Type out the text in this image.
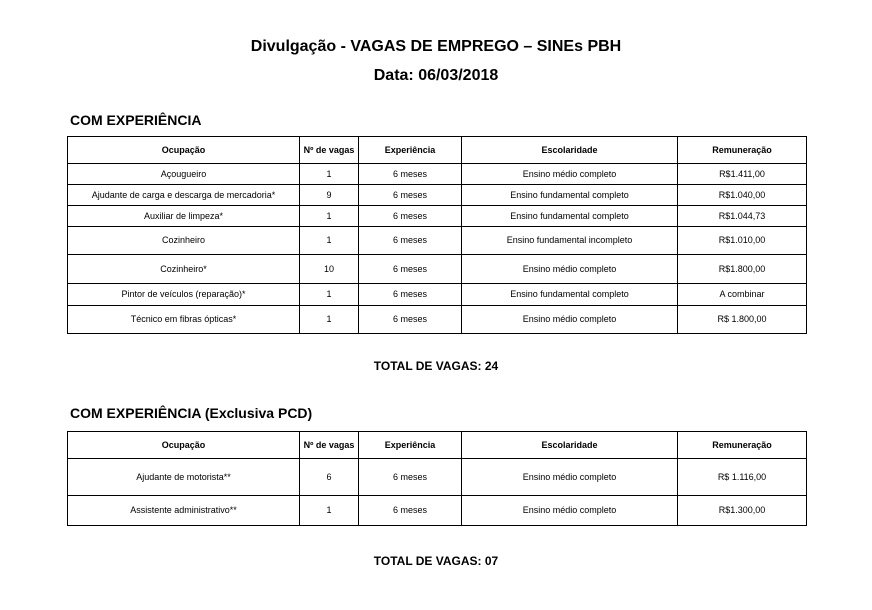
Divulgação - VAGAS DE EMPREGO – SINEs PBH
Data: 06/03/2018
COM EXPERIÊNCIA
Ocupação	Nº de vagas	Experiência	Escolaridade	Remuneração
Açougueiro	1	6 meses	Ensino médio completo	R$1.411,00
Ajudante de carga e descarga de mercadoria*	9	6 meses	Ensino fundamental completo	R$1.040,00
Auxiliar de limpeza*	1	6 meses	Ensino fundamental completo	R$1.044,73
Cozinheiro	1	6 meses	Ensino fundamental incompleto	R$1.010,00
Cozinheiro*	10	6 meses	Ensino médio completo	R$1.800,00
Pintor de veículos (reparação)*	1	6 meses	Ensino fundamental completo	A combinar
Técnico em fibras ópticas*	1	6 meses	Ensino médio completo	R$ 1.800,00
TOTAL DE VAGAS: 24
COM EXPERIÊNCIA (Exclusiva PCD)
Ocupação	Nº de vagas	Experiência	Escolaridade	Remuneração
Ajudante de motorista**	6	6 meses	Ensino médio completo	R$ 1.116,00
Assistente administrativo**	1	6 meses	Ensino médio completo	R$1.300,00
TOTAL DE VAGAS: 07
